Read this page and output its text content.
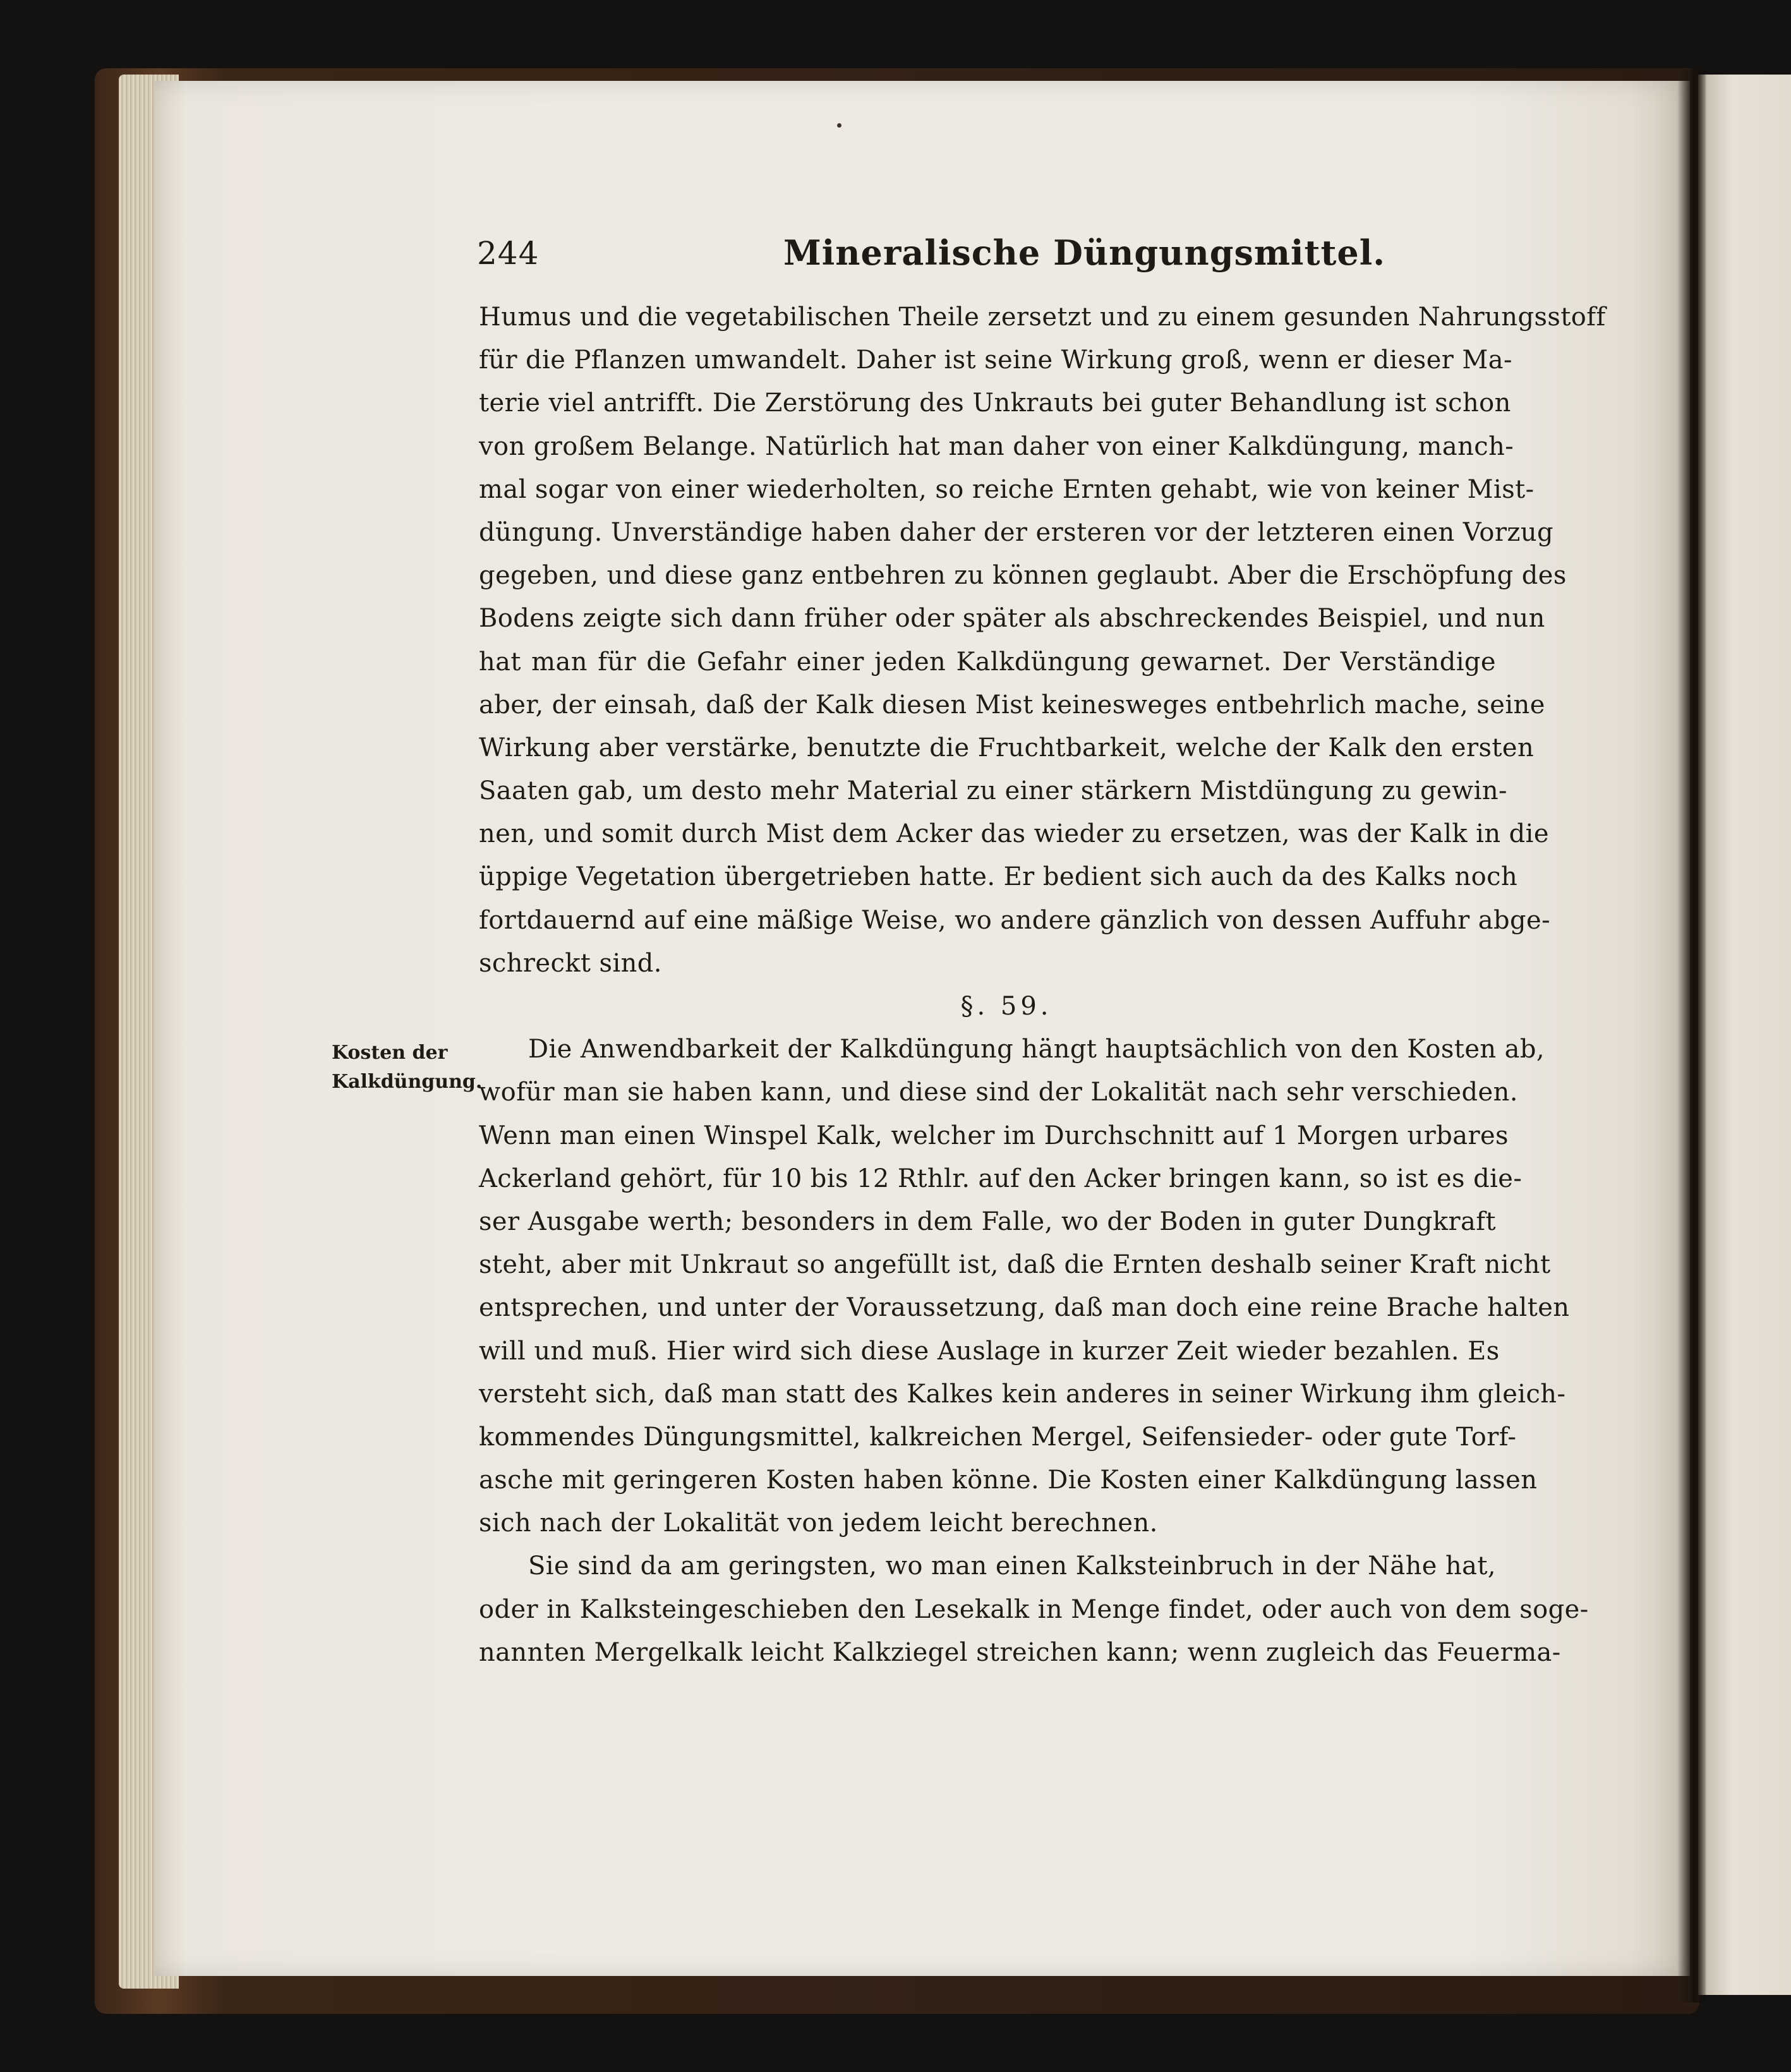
244	Mineralische Düngungsmittel.
Kosten der
Kalkdüngung.
Humus und die vegetabilischen Theile zersetzt und zu einem gesunden Nahrungsstoff
für die Pflanzen umwandelt. Daher ist seine Wirkung groß, wenn er dieser Ma-
terie viel antrifft. Die Zerstörung des Unkrauts bei guter Behandlung ist schon
von großem Belange. Natürlich hat man daher von einer Kalkdüngung, manch-
mal sogar von einer wiederholten, so reiche Ernten gehabt, wie von keiner Mist-
düngung. Unverständige haben daher der ersteren vor der letzteren einen Vorzug
gegeben, und diese ganz entbehren zu können geglaubt. Aber die Erschöpfung des
Bodens zeigte sich dann früher oder später als abschreckendes Beispiel, und nun
hat man für die Gefahr einer jeden Kalkdüngung gewarnet. Der Verständige
aber, der einsah, daß der Kalk diesen Mist keinesweges entbehrlich mache, seine
Wirkung aber verstärke, benutzte die Fruchtbarkeit, welche der Kalk den ersten
Saaten gab, um desto mehr Material zu einer stärkern Mistdüngung zu gewin-
nen, und somit durch Mist dem Acker das wieder zu ersetzen, was der Kalk in die
üppige Vegetation übergetrieben hatte. Er bedient sich auch da des Kalks noch
fortdauernd auf eine mäßige Weise, wo andere gänzlich von dessen Auffuhr abge-
schreckt sind.
§. 59.
Die Anwendbarkeit der Kalkdüngung hängt hauptsächlich von den Kosten ab,
wofür man sie haben kann, und diese sind der Lokalität nach sehr verschieden.
Wenn man einen Winspel Kalk, welcher im Durchschnitt auf 1 Morgen urbares
Ackerland gehört, für 10 bis 12 Rthlr. auf den Acker bringen kann, so ist es die-
ser Ausgabe werth; besonders in dem Falle, wo der Boden in guter Dungkraft
steht, aber mit Unkraut so angefüllt ist, daß die Ernten deshalb seiner Kraft nicht
entsprechen, und unter der Voraussetzung, daß man doch eine reine Brache halten
will und muß. Hier wird sich diese Auslage in kurzer Zeit wieder bezahlen. Es
versteht sich, daß man statt des Kalkes kein anderes in seiner Wirkung ihm gleich-
kommendes Düngungsmittel, kalkreichen Mergel, Seifensieder- oder gute Torf-
asche mit geringeren Kosten haben könne. Die Kosten einer Kalkdüngung lassen
sich nach der Lokalität von jedem leicht berechnen.
Sie sind da am geringsten, wo man einen Kalksteinbruch in der Nähe hat,
oder in Kalksteingeschieben den Lesekalk in Menge findet, oder auch von dem soge-
nannten Mergelkalk leicht Kalkziegel streichen kann; wenn zugleich das Feuerma-
